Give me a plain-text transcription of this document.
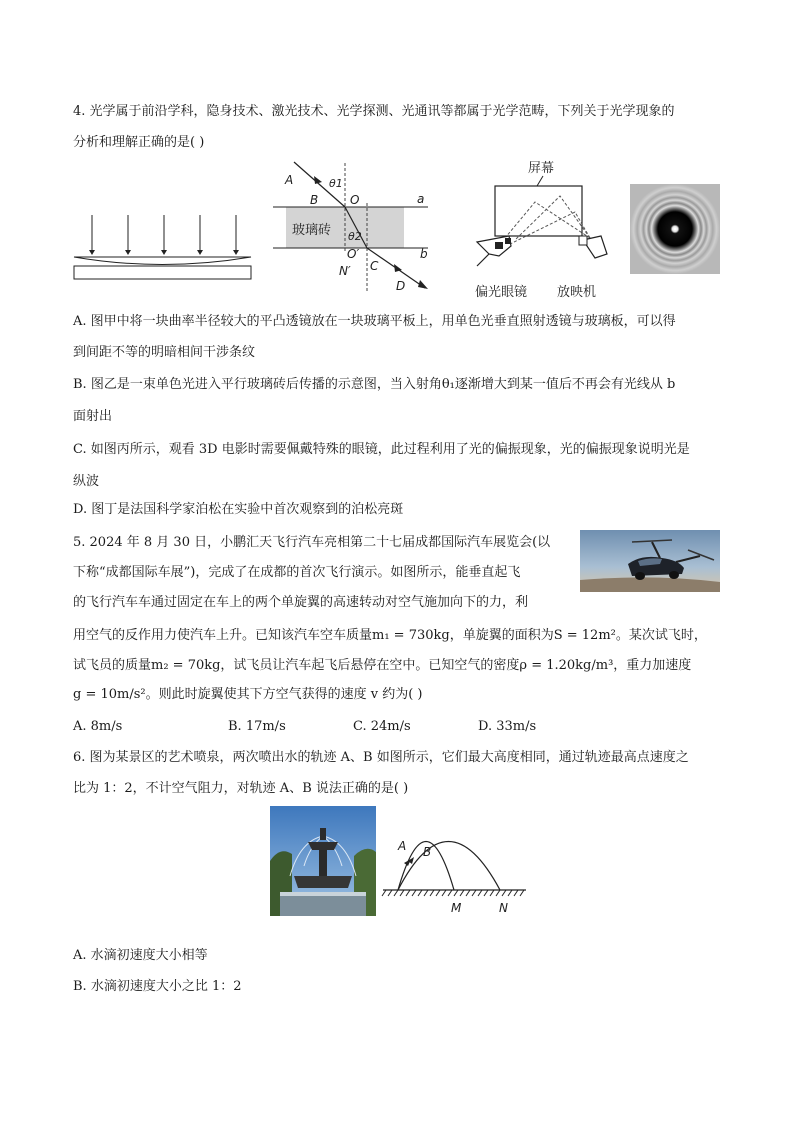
4. 光学属于前沿学科，隐身技术、激光技术、光学探测、光通讯等都属于光学范畴，下列关于光学现象的
分析和理解正确的是( )
A
B	O	a
θ1
玻璃砖 θ2
O′
C
N′
b
D
屏幕
偏光眼镜 放映机
A. 图甲中将一块曲率半径较大的平凸透镜放在一块玻璃平板上，用单色光垂直照射透镜与玻璃板，可以得
到间距不等的明暗相间干涉条纹
B. 图乙是一束单色光进入平行玻璃砖后传播的示意图，当入射角θ₁逐渐增大到某一值后不再会有光线从 b
面射出
C. 如图丙所示，观看 3D 电影时需要佩戴特殊的眼镜，此过程利用了光的偏振现象，光的偏振现象说明光是
纵波
D. 图丁是法国科学家泊松在实验中首次观察到的泊松亮斑
5. 2024 年 8 月 30 日，小鹏汇天飞行汽车亮相第二十七届成都国际汽车展览会(以
下称“成都国际车展”)，完成了在成都的首次飞行演示。如图所示，能垂直起飞
的飞行汽车车通过固定在车上的两个单旋翼的高速转动对空气施加向下的力，利
用空气的反作用力使汽车上升。已知该汽车空车质量m₁ = 730kg，单旋翼的面积为S = 12m²。某次试飞时，
试飞员的质量m₂ = 70kg，试飞员让汽车起飞后悬停在空中。已知空气的密度ρ = 1.20kg/m³，重力加速度
g = 10m/s²。则此时旋翼使其下方空气获得的速度 v 约为( )
A. 8m/s	B. 17m/s	C. 24m/s	D. 33m/s
6. 图为某景区的艺术喷泉，两次喷出水的轨迹 A、B 如图所示，它们最大高度相同，通过轨迹最高点速度之
比为 1：2，不计空气阻力，对轨迹 A、B 说法正确的是( )
A B
M	N
A. 水滴初速度大小相等
B. 水滴初速度大小之比 1：2
